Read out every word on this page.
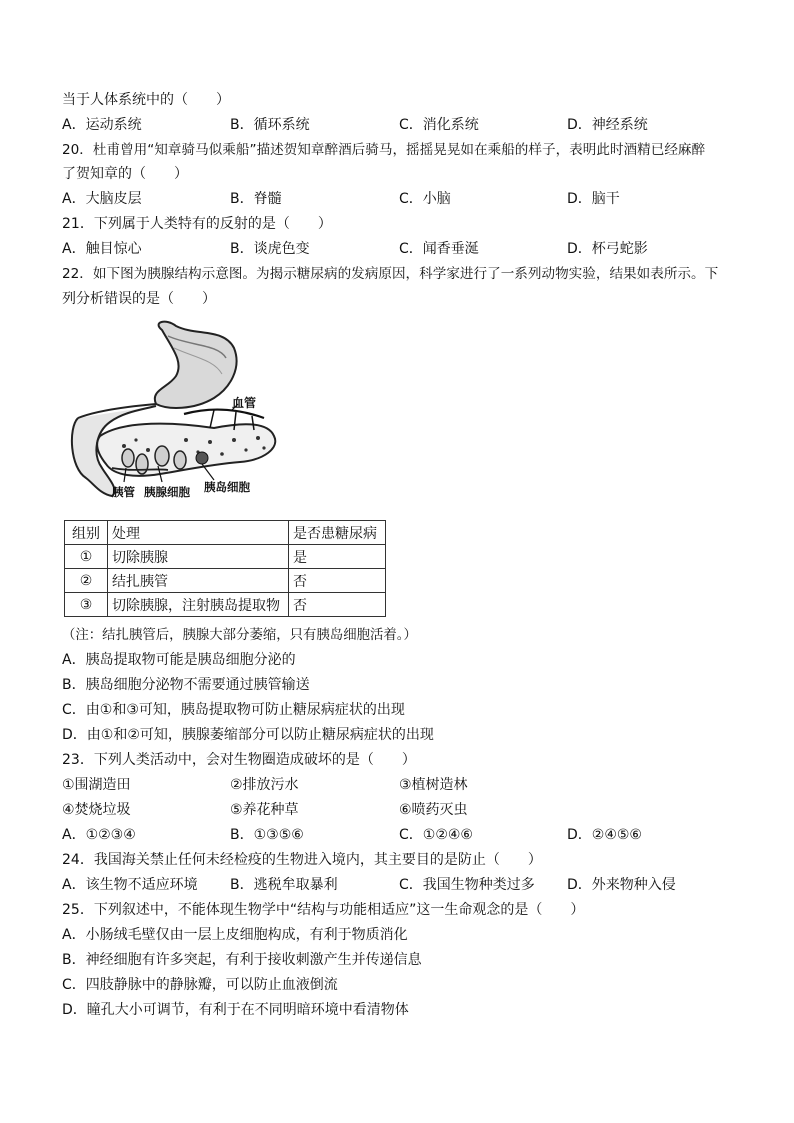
当于人体系统中的（　　）
A．运动系统	B．循环系统	C．消化系统	D．神经系统
20．杜甫曾用“知章骑马似乘船”描述贺知章醉酒后骑马，摇摇晃晃如在乘船的样子，表明此时酒精已经麻醉
了贺知章的（　　）
A．大脑皮层	B．脊髓	C．小脑	D．脑干
21．下列属于人类特有的反射的是（　　）
A．触目惊心	B．谈虎色变	C．闻香垂涎	D．杯弓蛇影
22．如下图为胰腺结构示意图。为揭示糖尿病的发病原因，科学家进行了一系列动物实验，结果如表所示。下
列分析错误的是（　　）
血管
胰管 胰腺细胞 胰岛细胞
组别	处理	是否患糖尿病
①	切除胰腺	是
②	结扎胰管	否
③	切除胰腺，注射胰岛提取物	否
（注：结扎胰管后，胰腺大部分萎缩，只有胰岛细胞活着。）
A．胰岛提取物可能是胰岛细胞分泌的
B．胰岛细胞分泌物不需要通过胰管输送
C．由①和③可知，胰岛提取物可防止糖尿病症状的出现
D．由①和②可知，胰腺萎缩部分可以防止糖尿病症状的出现
23．下列人类活动中，会对生物圈造成破坏的是（　　）
①围湖造田	②排放污水	③植树造林
④焚烧垃圾	⑤养花种草	⑥喷药灭虫
A．①②③④	B．①③⑤⑥	C．①②④⑥	D．②④⑤⑥
24．我国海关禁止任何未经检疫的生物进入境内，其主要目的是防止（　　）
A．该生物不适应环境 B．逃税牟取暴利	C．我国生物种类过多 D．外来物种入侵
25．下列叙述中，不能体现生物学中“结构与功能相适应”这一生命观念的是（　　）
A．小肠绒毛壁仅由一层上皮细胞构成，有利于物质消化
B．神经细胞有许多突起，有利于接收刺激产生并传递信息
C．四肢静脉中的静脉瓣，可以防止血液倒流
D．瞳孔大小可调节，有利于在不同明暗环境中看清物体
